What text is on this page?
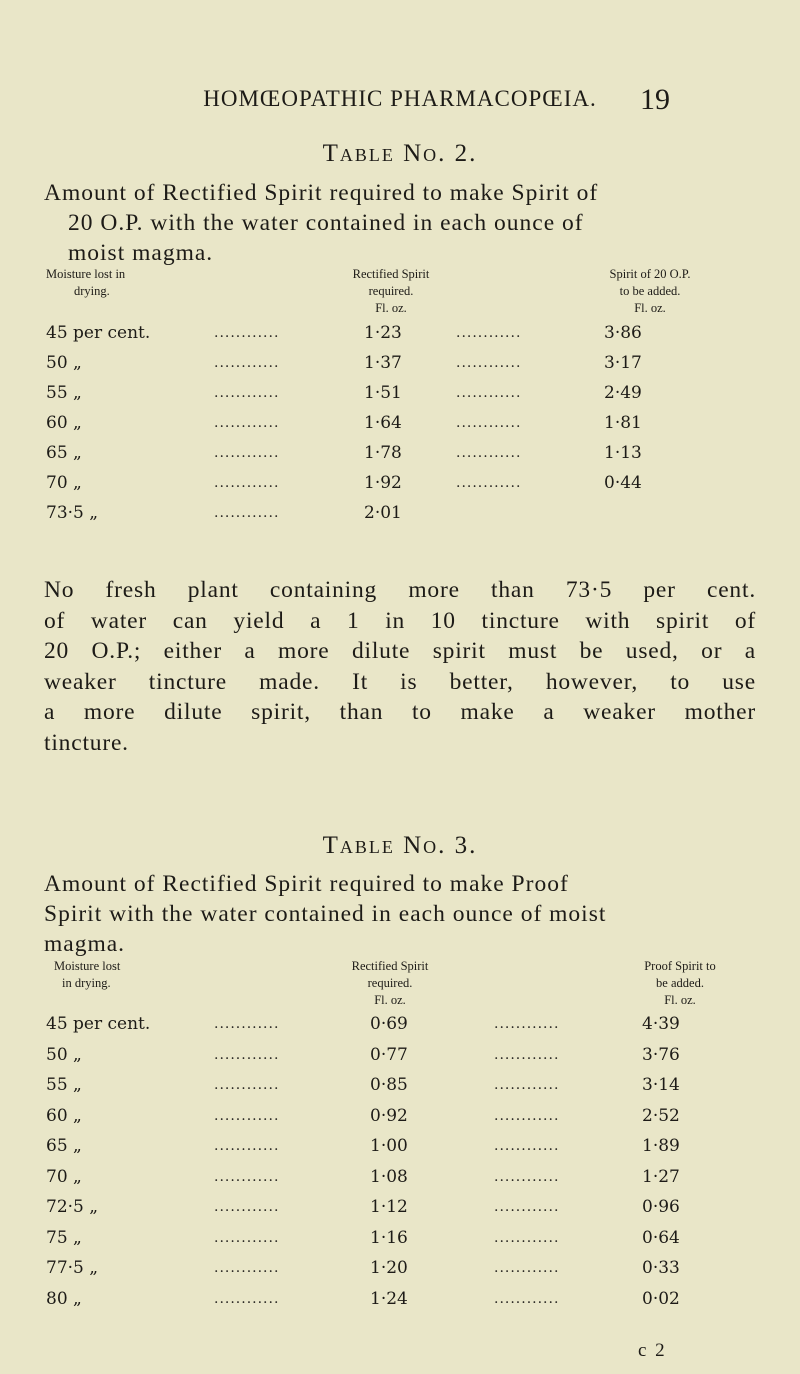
HOMŒOPATHIC PHARMACOPŒIA.	19
Table No. 2.
Amount of Rectified Spirit required to make Spirit of
20 O.P. with the water contained in each ounce of
moist magma.
Moisture lost in
drying.
Rectified Spirit
required.
Fl. oz.
Spirit of 20 O.P.
to be added.
Fl. oz.
45 per cent.	............	1·23	............	3·86
50 „	............	1·37	............	3·17
55 „	............	1·51	............	2·49
60 „	............	1·64	............	1·81
65 „	............	1·78	............	1·13
70 „	............	1·92	............	0·44
73·5 „	............	2·01
No fresh plant containing more than 73·5 per cent.
of water can yield a 1 in 10 tincture with spirit of
20 O.P.; either a more dilute spirit must be used, or a
weaker tincture made. It is better, however, to use
a more dilute spirit, than to make a weaker mother
tincture.
Table No. 3.
Amount of Rectified Spirit required to make Proof
Spirit with the water contained in each ounce of moist
magma.
Moisture lost
in drying.
Rectified Spirit
required.
Fl. oz.
Proof Spirit to
be added.
Fl. oz.
45 per cent.	............	0·69	............	4·39
50 „	............	0·77	............	3·76
55 „	............	0·85	............	3·14
60 „	............	0·92	............	2·52
65 „	............	1·00	............	1·89
70 „	............	1·08	............	1·27
72·5 „	............	1·12	............	0·96
75 „	............	1·16	............	0·64
77·5 „	............	1·20	............	0·33
80 „	............	1·24	............	0·02
c 2
